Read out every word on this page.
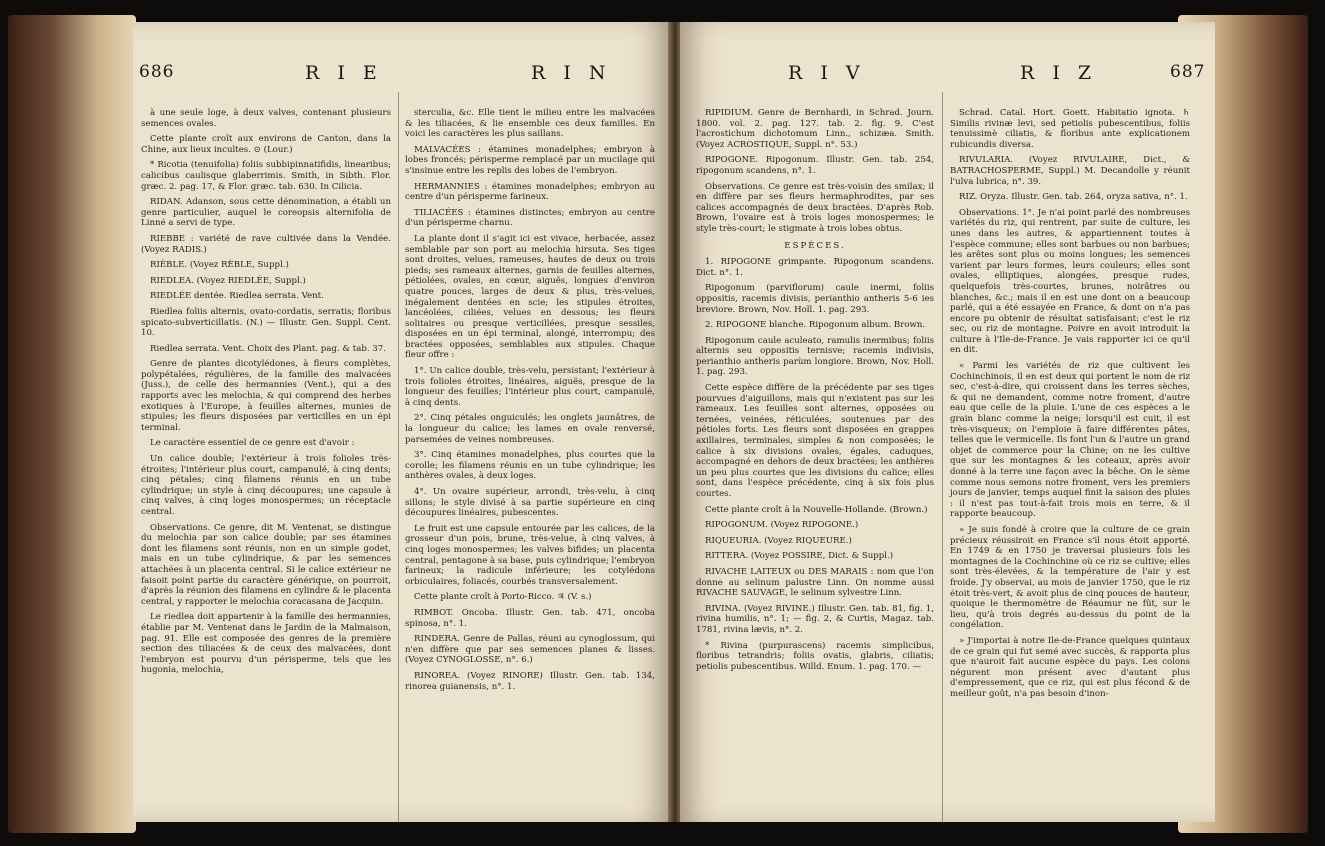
686	R I E	R I N

à une seule loge, à deux valves, contenant plusieurs semences ovales.

Cette plante croît aux environs de Canton, dans la Chine, aux lieux incultes. ⊙ (Lour.)

* Ricotia (tenuifolia) foliis subbipinnatifidis, linearibus; calicibus caulisque glaberrimis. Smith, in Sibth. Flor. græc. 2. pag. 17, & Flor. græc. tab. 630. In Cilicia.

RIDAN. Adanson, sous cette dénomination, a établi un genre particulier, auquel le coreopsis alternifolia de Linné a servi de type.

RIEBBE : variété de rave cultivée dans la Vendée. (Voyez RADIS.)

RIÈBLE. (Voyez RÈBLE, Suppl.)

RIEDLEA. (Voyez RIEDLÉE, Suppl.)

RIEDLÉE dentée. Riedlea serrata. Vent.

Riedlea foliis alternis, ovato-cordatis, serratis; floribus spicato-subverticillatis. (N.) — Illustr. Gen. Suppl. Cent. 10.

Riedlea serrata. Vent. Choix des Plant. pag. & tab. 37.

Genre de plantes dicotylédones, à fleurs complètes, polypétalées, régulières, de la famille des malvacées (Juss.), de celle des hermannies (Vent.), qui a des rapports avec les melochia, & qui comprend des herbes exotiques à l'Europe, à feuilles alternes, munies de stipules; les fleurs disposées par verticilles en un épi terminal.

Le caractère essentiel de ce genre est d'avoir :

Un calice double; l'extérieur à trois folioles très-étroites; l'intérieur plus court, campanulé, à cinq dents; cinq pétales; cinq filamens réunis en un tube cylindrique; un style à cinq découpures; une capsule à cinq valves, à cinq loges monospermes; un réceptacle central.

Observations. Ce genre, dit M. Ventenat, se distingue du melochia par son calice double; par ses étamines dont les filamens sont réunis, non en un simple godet, mais en un tube cylindrique, & par les semences attachées à un placenta central. Si le calice extérieur ne faisoit point partie du caractère générique, on pourroit, d'après la réunion des filamens en cylindre & le placenta central, y rapporter le melochia coracasana de Jacquin.

Le riedlea doit appartenir à la famille des hermannies, établie par M. Ventenat dans le Jardin de la Malmaison, pag. 91. Elle est composée des genres de la première section des tiliacées & de ceux des malvacées, dont l'embryon est pourvu d'un périsperme, tels que les hugonia, melochia,

sterculia, &c. Elle tient le milieu entre les malvacées & les tiliacées, & lie ensemble ces deux familles. En voici les caractères les plus saillans.

MALVACÉES : étamines monadelphes; embryon à lobes froncés; périsperme remplacé par un mucilage qui s'insinue entre les replis des lobes de l'embryon.

HERMANNIES : étamines monadelphes; embryon au centre d'un périsperme farineux.

TILIACÉES : étamines distinctes; embryon au centre d'un périsperme charnu.

La plante dont il s'agit ici est vivace, herbacée, assez semblable par son port au melochia hirsuta. Ses tiges sont droites, velues, rameuses, hautes de deux ou trois pieds; ses rameaux alternes, garnis de feuilles alternes, pétiolées, ovales, en cœur, aiguës, longues d'environ quatre pouces, larges de deux & plus, très-velues, inégalement dentées en scie; les stipules étroites, lancéolées, ciliées, velues en dessous; les fleurs solitaires ou presque verticillées, presque sessiles, disposées en un épi terminal, alongé, interrompu; des bractées opposées, semblables aux stipules. Chaque fleur offre :

1°. Un calice double, très-velu, persistant; l'extérieur à trois folioles étroites, linéaires, aiguës, presque de la longueur des feuilles; l'intérieur plus court, campanulé, à cinq dents.

2°. Cinq pétales onguiculés; les onglets jaunâtres, de la longueur du calice; les lames en ovale renversé, parsemées de veines nombreuses.

3°. Cinq étamines monadelphes, plus courtes que la corolle; les filamens réunis en un tube cylindrique; les anthères ovales, à deux loges.

4°. Un ovaire supérieur, arrondi, très-velu, à cinq sillons; le style divisé à sa partie supérieure en cinq découpures linéaires, pubescentes.

Le fruit est une capsule entourée par les calices, de la grosseur d'un pois, brune, très-velue, à cinq valves, à cinq loges monospermes; les valves bifides; un placenta central, pentagone à sa base, puis cylindrique; l'embryon farineux; la radicule inférieure; les cotylédons orbiculaires, foliacés, courbés transversalement.

Cette plante croît à Porto-Ricco. ♃ (V. s.)

RIMBOT. Oncoba. Illustr. Gen. tab. 471, oncoba spinosa, n°. 1.

RINDERA. Genre de Pallas, réuni au cynoglossum, qui n'en diffère que par ses semences planes & lisses. (Voyez CYNOGLOSSE, n°. 6.)

RINOREA. (Voyez RINORE) Illustr. Gen. tab. 134, rinorea guianensis, n°. 1.

R I V	R I Z	687

RIPIDIUM. Genre de Bernhardi, in Schrad. Journ. 1800. vol. 2. pag. 127. tab. 2. fig. 9. C'est l'acrostichum dichotomum Linn., schizæa. Smith. (Voyez ACROSTIQUE, Suppl. n°. 53.)

RIPOGONE. Ripogonum. Illustr. Gen. tab. 254, ripogonum scandens, n°. 1.

Observations. Ce genre est très-voisin des smilax; il en diffère par ses fleurs hermaphrodites, par ses calices accompagnés de deux bractées. D'après Rob. Brown, l'ovaire est à trois loges monospermes; le style très-court; le stigmate à trois lobes obtus.

ESPÈCES.

1. RIPOGONE grimpante. Ripogonum scandens. Dict. n°. 1.

Ripogonum (parviflorum) caule inermi, foliis oppositis, racemis divisis, perianthio antheris 5-6 ies breviore. Brown, Nov. Holl. 1. pag. 293.

2. RIPOGONE blanche. Ripogonum album. Brown.

Ripogonum caule aculeato, ramulis inermibus; foliis alternis seu oppositis ternisve; racemis indivisis, perianthio antheris parùm longiore. Brown, Nov. Holl. 1. pag. 293.

Cette espèce diffère de la précédente par ses tiges pourvues d'aiguillons, mais qui n'existent pas sur les rameaux. Les feuilles sont alternes, opposées ou ternées, veinées, réticulées, soutenues par des pétioles forts. Les fleurs sont disposées en grappes axillaires, terminales, simples & non composées; le calice à six divisions ovales, égales, caduques, accompagné en dehors de deux bractées; les anthères un peu plus courtes que les divisions du calice; elles sont, dans l'espèce précédente, cinq à six fois plus courtes.

Cette plante croît à la Nouvelle-Hollande. (Brown.)

RIPOGONUM. (Voyez RIPOGONE.)

RIQUEURIA. (Voyez RIQUEURE.)

RITTERA. (Voyez POSSIRE, Dict. & Suppl.)

RIVACHE LAITEUX ou DES MARAIS : nom que l'on donne au selinum palustre Linn. On nomme aussi RIVACHE SAUVAGE, le selinum sylvestre Linn.

RIVINA. (Voyez RIVINE.) Illustr. Gen. tab. 81, fig. 1, rivina humilis, n°. 1; — fig. 2, & Curtis, Magaz. tab. 1781, rivina lævis, n°. 2.

* Rivina (purpurascens) racemis simplicibus, floribus tetrandris; foliis ovatis, glabris, ciliatis; petiolis pubescentibus. Willd. Enum. 1. pag. 170. —

Schrad. Catal. Hort. Goett. Habitatio ignota. ♄ Similis rivinæ levi, sed petiolis pubescentibus, foliis tenuissimè ciliatis, & floribus ante explicationem rubicundis diversa.

RIVULARIA. (Voyez RIVULAIRE, Dict., & BATRACHOSPERME, Suppl.) M. Decandolle y réunit l'ulva lubrica, n°. 39.

RIZ. Oryza. Illustr. Gen. tab. 264, oryza sativa, n°. 1.

Observations. 1°. Je n'ai point parlé des nombreuses variétés du riz, qui rentrent, par suite de culture, les unes dans les autres, & appartiennent toutes à l'espèce commune; elles sont barbues ou non barbues; les arêtes sont plus ou moins longues; les semences varient par leurs formes, leurs couleurs; elles sont ovales, elliptiques, alongées, presque rudes, quelquefois très-courtes, brunes, noirâtres ou blanches, &c.; mais il en est une dont on a beaucoup parlé, qui a été essayée en France, & dont on n'a pas encore pu obtenir de résultat satisfaisant: c'est le riz sec, ou riz de montagne. Poivre en avoit introduit la culture à l'Ile-de-France. Je vais rapporter ici ce qu'il en dit.

« Parmi les variétés de riz que cultivent les Cochinchinois, il en est deux qui portent le nom de riz sec, c'est-à-dire, qui croissent dans les terres sèches, & qui ne demandent, comme notre froment, d'autre eau que celle de la pluie. L'une de ces espèces a le grain blanc comme la neige; lorsqu'il est cuit, il est très-visqueux; on l'emploie à faire différentes pâtes, telles que le vermicelle. Ils font l'un & l'autre un grand objet de commerce pour la Chine; on ne les cultive que sur les montagnes & les coteaux, après avoir donné à la terre une façon avec la bêche. On le sème comme nous semons notre froment, vers les premiers jours de janvier, temps auquel finit la saison des pluies : il n'est pas tout-à-fait trois mois en terre, & il rapporte beaucoup.

» Je suis fondé à croire que la culture de ce grain précieux réussiroit en France s'il nous étoit apporté. En 1749 & en 1750 je traversai plusieurs fois les montagnes de la Cochinchine où ce riz se cultive; elles sont très-élevées, & la température de l'air y est froide. J'y observai, au mois de janvier 1750, que le riz étoit très-vert, & avoit plus de cinq pouces de hauteur, quoique le thermomètre de Réaumur ne fût, sur le lieu, qu'à trois degrés au-dessus du point de la congélation.

» J'importai à notre Ile-de-France quelques quintaux de ce grain qui fut semé avec succès, & rapporta plus que n'auroit fait aucune espèce du pays. Les colons négurent mon présent avec d'autant plus d'empressement, que ce riz, qui est plus fécond & de meilleur goût, n'a pas besoin d'inon-
